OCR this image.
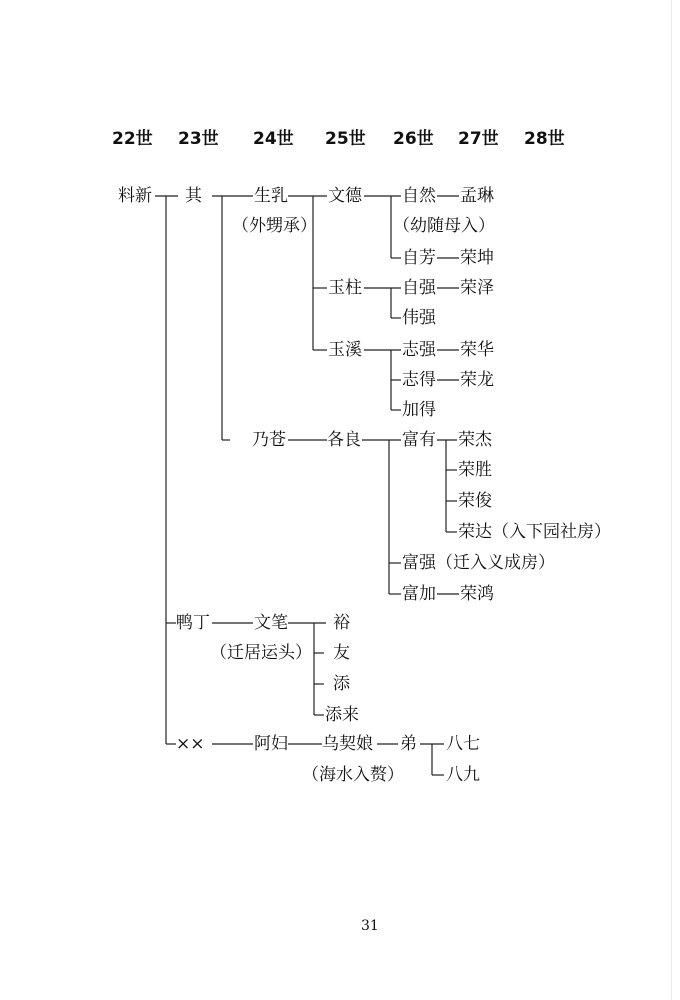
22世 23世 24世 25世 26世 27世 28世
料新 其
鸭丁
××
生乳
（外甥承）
乃苍
文笔
（迁居运头）
阿妇
文德
玉柱
玉溪
各良
裕
友
添
添来
乌契娘
（海水入赘）
自然
（幼随母入）
自芳
自强
伟强
志强
志得
加得
富有
富强（迁入义成房）
富加
弟
孟琳
荣坤
荣泽
荣华
荣龙
荣杰
荣胜
荣俊
荣达（入下园社房）
荣鸿
八七
八九
31
